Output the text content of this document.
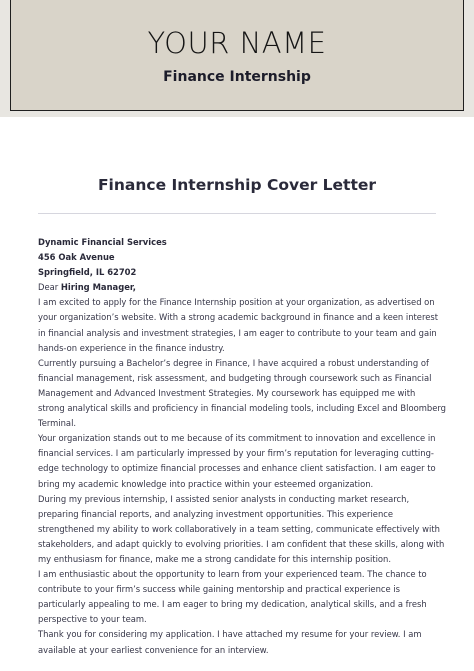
YOUR NAME
Finance Internship
Finance Internship Cover Letter
Dynamic Financial Services
456 Oak Avenue
Springfield, IL 62702
Dear Hiring Manager,
I am excited to apply for the Finance Internship position at your organization, as advertised on
your organization’s website. With a strong academic background in finance and a keen interest
in financial analysis and investment strategies, I am eager to contribute to your team and gain
hands-on experience in the finance industry.
Currently pursuing a Bachelor’s degree in Finance, I have acquired a robust understanding of
financial management, risk assessment, and budgeting through coursework such as Financial
Management and Advanced Investment Strategies. My coursework has equipped me with
strong analytical skills and proficiency in financial modeling tools, including Excel and Bloomberg
Terminal.
Your organization stands out to me because of its commitment to innovation and excellence in
financial services. I am particularly impressed by your firm’s reputation for leveraging cutting-
edge technology to optimize financial processes and enhance client satisfaction. I am eager to
bring my academic knowledge into practice within your esteemed organization.
During my previous internship, I assisted senior analysts in conducting market research,
preparing financial reports, and analyzing investment opportunities. This experience
strengthened my ability to work collaboratively in a team setting, communicate effectively with
stakeholders, and adapt quickly to evolving priorities. I am confident that these skills, along with
my enthusiasm for finance, make me a strong candidate for this internship position.
I am enthusiastic about the opportunity to learn from your experienced team. The chance to
contribute to your firm’s success while gaining mentorship and practical experience is
particularly appealing to me. I am eager to bring my dedication, analytical skills, and a fresh
perspective to your team.
Thank you for considering my application. I have attached my resume for your review. I am
available at your earliest convenience for an interview.
